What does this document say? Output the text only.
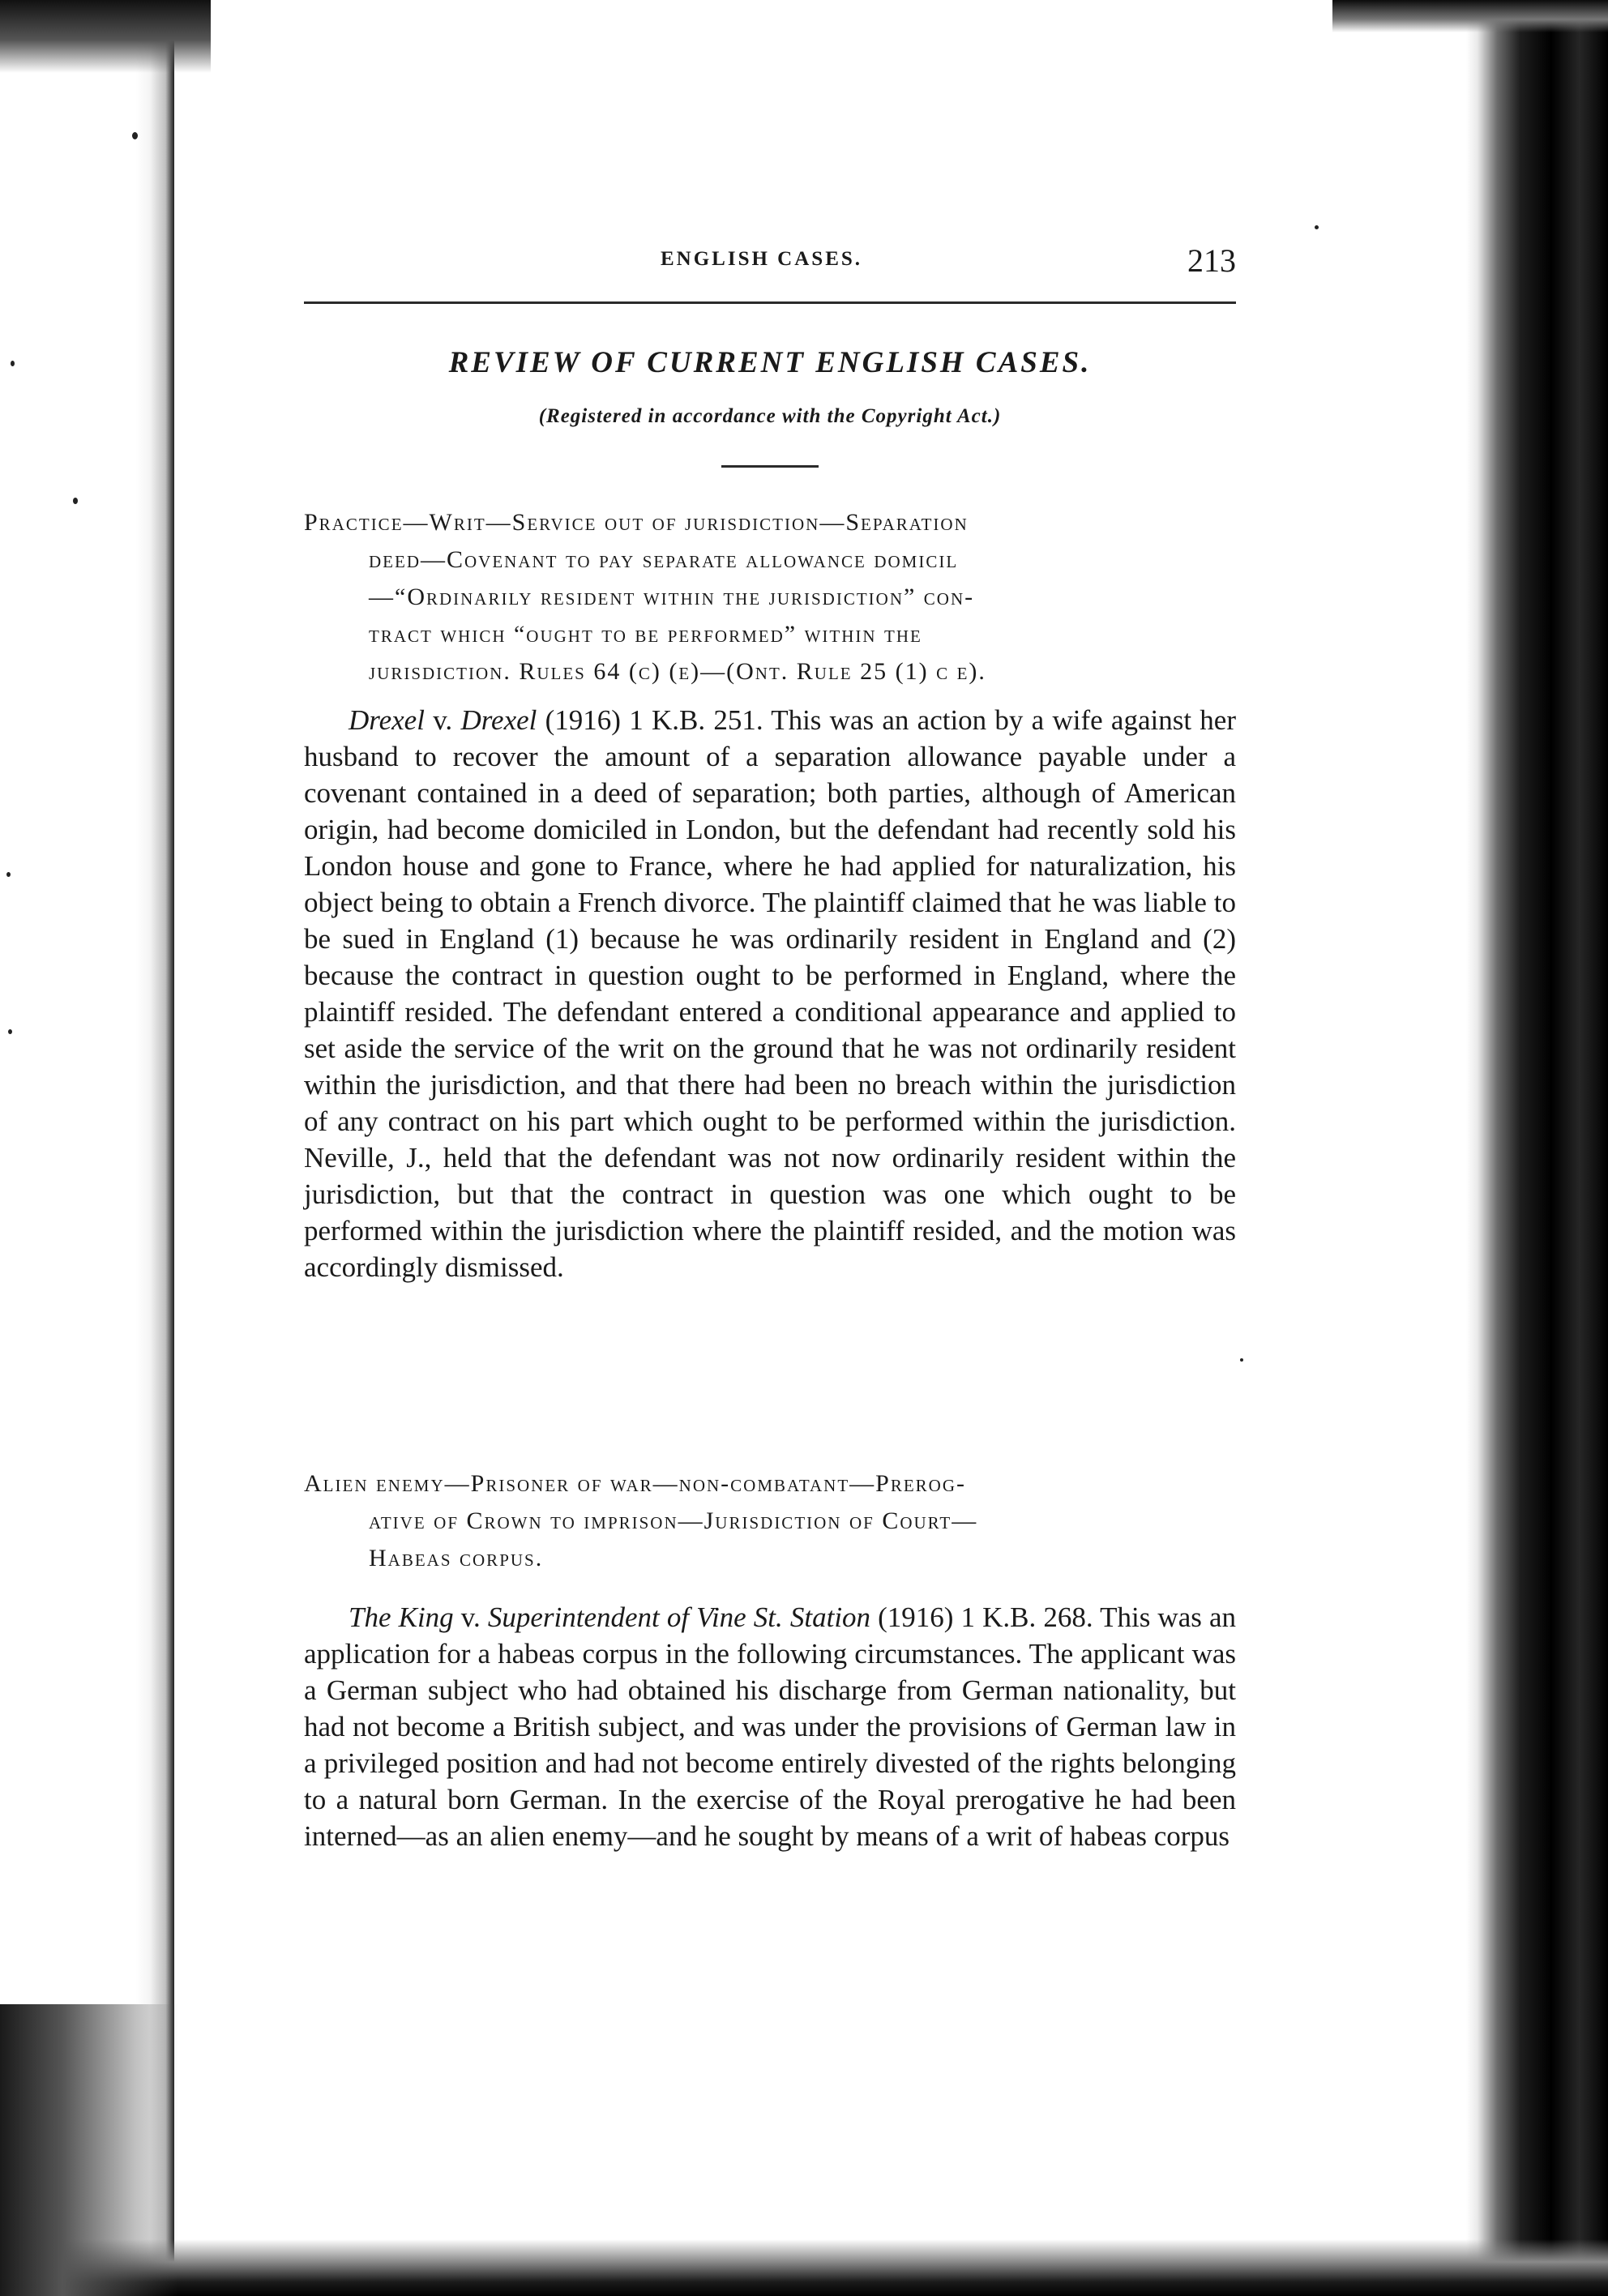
ENGLISH CASES.	213
REVIEW OF CURRENT ENGLISH CASES.
(Registered in accordance with the Copyright Act.)
Practice—Writ—Service out of jurisdiction—Separation
deed—Covenant to pay separate allowance domicil
—“Ordinarily resident within the jurisdiction” con-
tract which “ought to be performed” within the
jurisdiction. Rules 64 (c) (e)—(Ont. Rule 25 (1) c e).

Drexel v. Drexel (1916) 1 K.B. 251. This was an action by a wife against her husband to recover the amount of a separation allowance payable under a covenant contained in a deed of separation; both parties, although of American origin, had become domiciled in London, but the defendant had recently sold his London house and gone to France, where he had applied for naturalization, his object being to obtain a French divorce. The plaintiff claimed that he was liable to be sued in England (1) because he was ordinarily resident in England and (2) because the contract in question ought to be performed in England, where the plaintiff resided. The defendant entered a conditional appearance and applied to set aside the service of the writ on the ground that he was not ordinarily resident within the jurisdiction, and that there had been no breach within the jurisdiction of any contract on his part which ought to be performed within the jurisdiction. Neville, J., held that the defendant was not now ordinarily resident within the jurisdiction, but that the contract in question was one which ought to be performed within the jurisdiction where the plaintiff resided, and the motion was accordingly dismissed.

Alien enemy—Prisoner of war—non-combatant—Prerog-
ative of Crown to imprison—Jurisdiction of Court—
Habeas corpus.

The King v. Superintendent of Vine St. Station (1916) 1 K.B. 268. This was an application for a habeas corpus in the following circumstances. The applicant was a German subject who had obtained his discharge from German nationality, but had not become a British subject, and was under the provisions of German law in a privileged position and had not become entirely divested of the rights belonging to a natural born German. In the exercise of the Royal prerogative he had been interned—as an alien enemy—and he sought by means of a writ of habeas corpus
